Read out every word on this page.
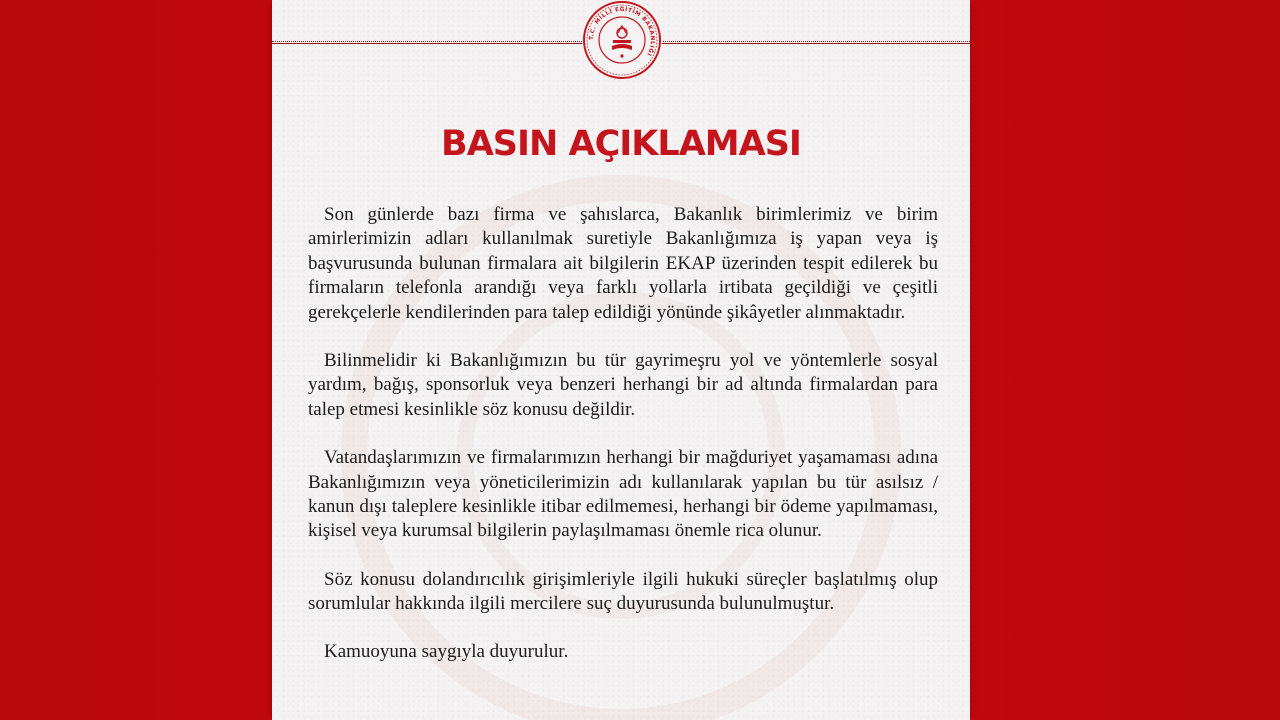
T.C. MİLLÎ EĞİTİM BAKANLIĞI
BASIN AÇIKLAMASI

Son günlerde bazı firma ve şahıslarca, Bakanlık birimlerimiz ve birim amirlerimizin adları kullanılmak suretiyle Bakanlığımıza iş yapan veya iş başvurusunda bulunan firmalara ait bilgilerin EKAP üzerinden tespit edilerek bu firmaların telefonla arandığı veya farklı yollarla irtibata geçildiği ve çeşitli gerekçelerle kendilerinden para talep edildiği yönünde şikâyetler alınmaktadır.

Bilinmelidir ki Bakanlığımızın bu tür gayrimeşru yol ve yöntemlerle sosyal yardım, bağış, sponsorluk veya benzeri herhangi bir ad altında firmalardan para talep etmesi kesinlikle söz konusu değildir.

Vatandaşlarımızın ve firmalarımızın herhangi bir mağduriyet yaşamaması adına Bakanlığımızın veya yöneticilerimizin adı kullanılarak yapılan bu tür asılsız / kanun dışı taleplere kesinlikle itibar edilmemesi, herhangi bir ödeme yapılmaması, kişisel veya kurumsal bilgilerin paylaşılmaması önemle rica olunur.

Söz konusu dolandırıcılık girişimleriyle ilgili hukuki süreçler başlatılmış olup sorumlular hakkında ilgili mercilere suç duyurusunda bulunulmuştur.

Kamuoyuna saygıyla duyurulur.
